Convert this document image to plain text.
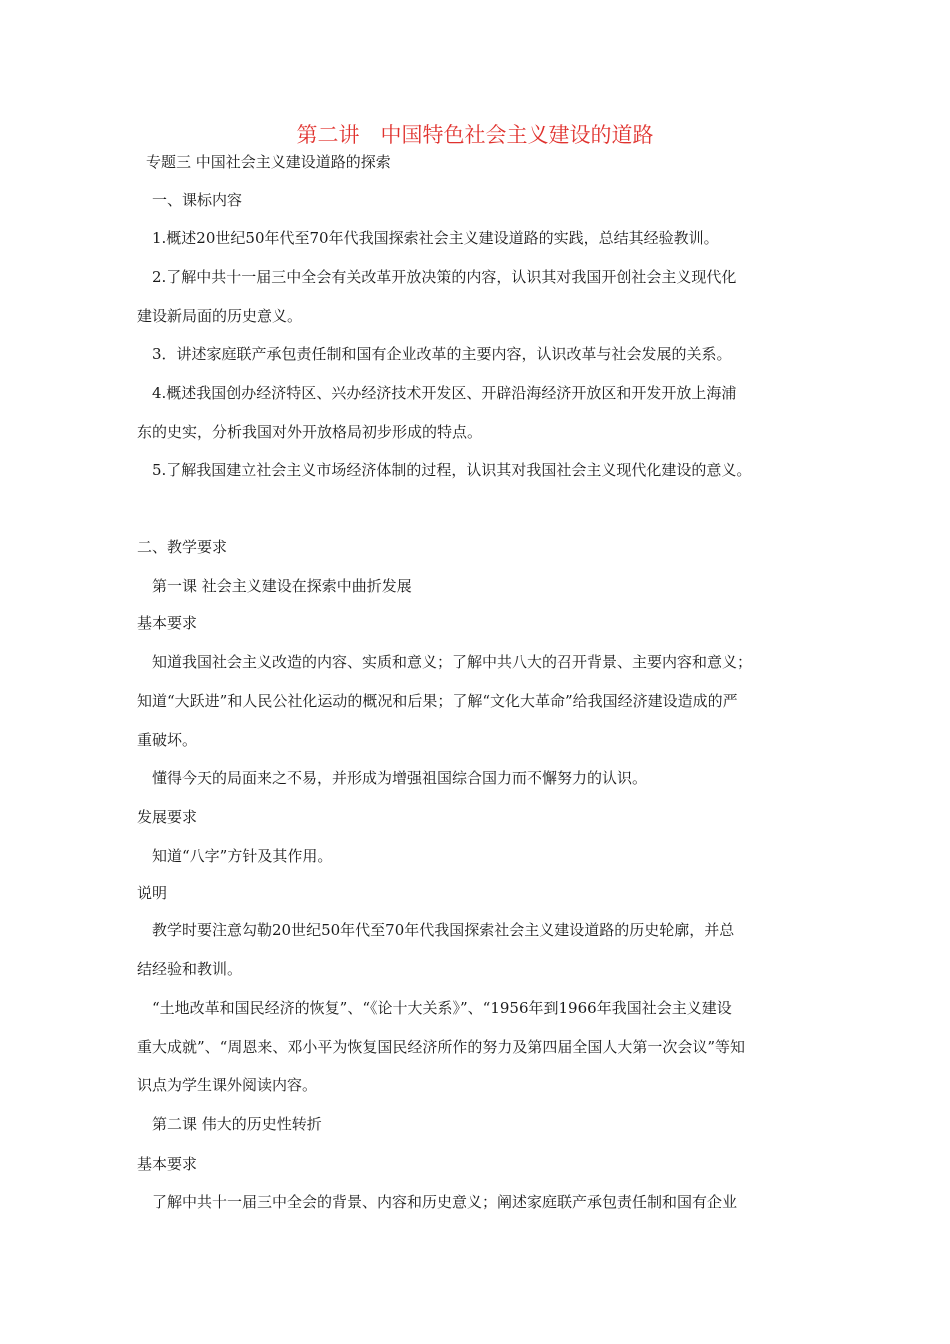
第二讲　中国特色社会主义建设的道路
专题三 中国社会主义建设道路的探索
一、课标内容
1.概述20世纪50年代至70年代我国探索社会主义建设道路的实践，总结其经验教训。
2.了解中共十一届三中全会有关改革开放决策的内容，认识其对我国开创社会主义现代化
建设新局面的历史意义。
3．讲述家庭联产承包责任制和国有企业改革的主要内容，认识改革与社会发展的关系。
4.概述我国创办经济特区、兴办经济技术开发区、开辟沿海经济开放区和开发开放上海浦
东的史实，分析我国对外开放格局初步形成的特点。
5.了解我国建立社会主义市场经济体制的过程，认识其对我国社会主义现代化建设的意义。
二、教学要求
第一课 社会主义建设在探索中曲折发展
基本要求
知道我国社会主义改造的内容、实质和意义；了解中共八大的召开背景、主要内容和意义；
知道“大跃进”和人民公社化运动的概况和后果；了解“文化大革命”给我国经济建设造成的严
重破坏。
懂得今天的局面来之不易，并形成为增强祖国综合国力而不懈努力的认识。
发展要求
知道“八字”方针及其作用。
说明
教学时要注意勾勒20世纪50年代至70年代我国探索社会主义建设道路的历史轮廓，并总
结经验和教训。
“土地改革和国民经济的恢复”、“《论十大关系》”、“1956年到1966年我国社会主义建设
重大成就”、“周恩来、邓小平为恢复国民经济所作的努力及第四届全国人大第一次会议”等知
识点为学生课外阅读内容。
第二课 伟大的历史性转折
基本要求
了解中共十一届三中全会的背景、内容和历史意义；阐述家庭联产承包责任制和国有企业
